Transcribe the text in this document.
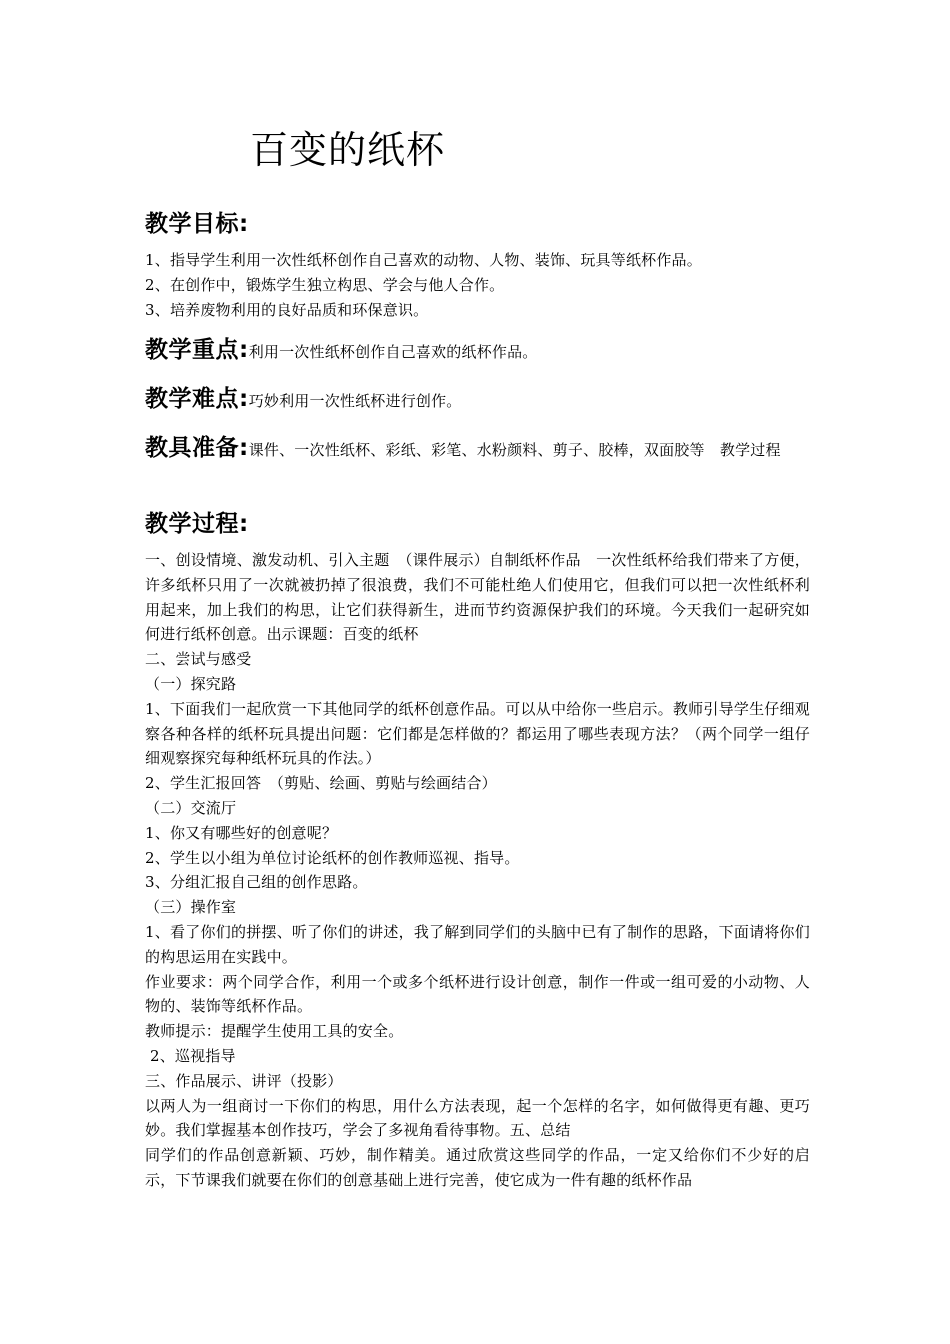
百变的纸杯
教学目标:
1、指导学生利用一次性纸杯创作自己喜欢的动物、人物、装饰、玩具等纸杯作品。
2、在创作中，锻炼学生独立构思、学会与他人合作。
3、培养废物利用的良好品质和环保意识。
教学重点:利用一次性纸杯创作自己喜欢的纸杯作品。
教学难点:巧妙利用一次性纸杯进行创作。
教具准备:课件、一次性纸杯、彩纸、彩笔、水粉颜料、剪子、胶棒，双面胶等　教学过程
教学过程:
一、创设情境、激发动机、引入主题　（课件展示）自制纸杯作品　一次性纸杯给我们带来了方便，许多纸杯只用了一次就被扔掉了很浪费，我们不可能杜绝人们使用它，但我们可以把一次性纸杯利用起来，加上我们的构思，让它们获得新生，进而节约资源保护我们的环境。今天我们一起研究如何进行纸杯创意。出示课题：百变的纸杯
二、尝试与感受
（一）探究路
1、下面我们一起欣赏一下其他同学的纸杯创意作品。可以从中给你一些启示。教师引导学生仔细观察各种各样的纸杯玩具提出问题：它们都是怎样做的？都运用了哪些表现方法？（两个同学一组仔细观察探究每种纸杯玩具的作法。）
2、学生汇报回答　（剪贴、绘画、剪贴与绘画结合）
（二）交流厅
1、你又有哪些好的创意呢？
2、学生以小组为单位讨论纸杯的创作教师巡视、指导。
3、分组汇报自己组的创作思路。
（三）操作室
1、看了你们的拼摆、听了你们的讲述，我了解到同学们的头脑中已有了制作的思路，下面请将你们的构思运用在实践中。
作业要求：两个同学合作，利用一个或多个纸杯进行设计创意，制作一件或一组可爱的小动物、人物的、装饰等纸杯作品。
教师提示：提醒学生使用工具的安全。
2、巡视指导
三、作品展示、讲评（投影）
以两人为一组商讨一下你们的构思，用什么方法表现，起一个怎样的名字，如何做得更有趣、更巧妙。我们掌握基本创作技巧，学会了多视角看待事物。五、总结
同学们的作品创意新颖、巧妙，制作精美。通过欣赏这些同学的作品，一定又给你们不少好的启示，下节课我们就要在你们的创意基础上进行完善，使它成为一件有趣的纸杯作品
